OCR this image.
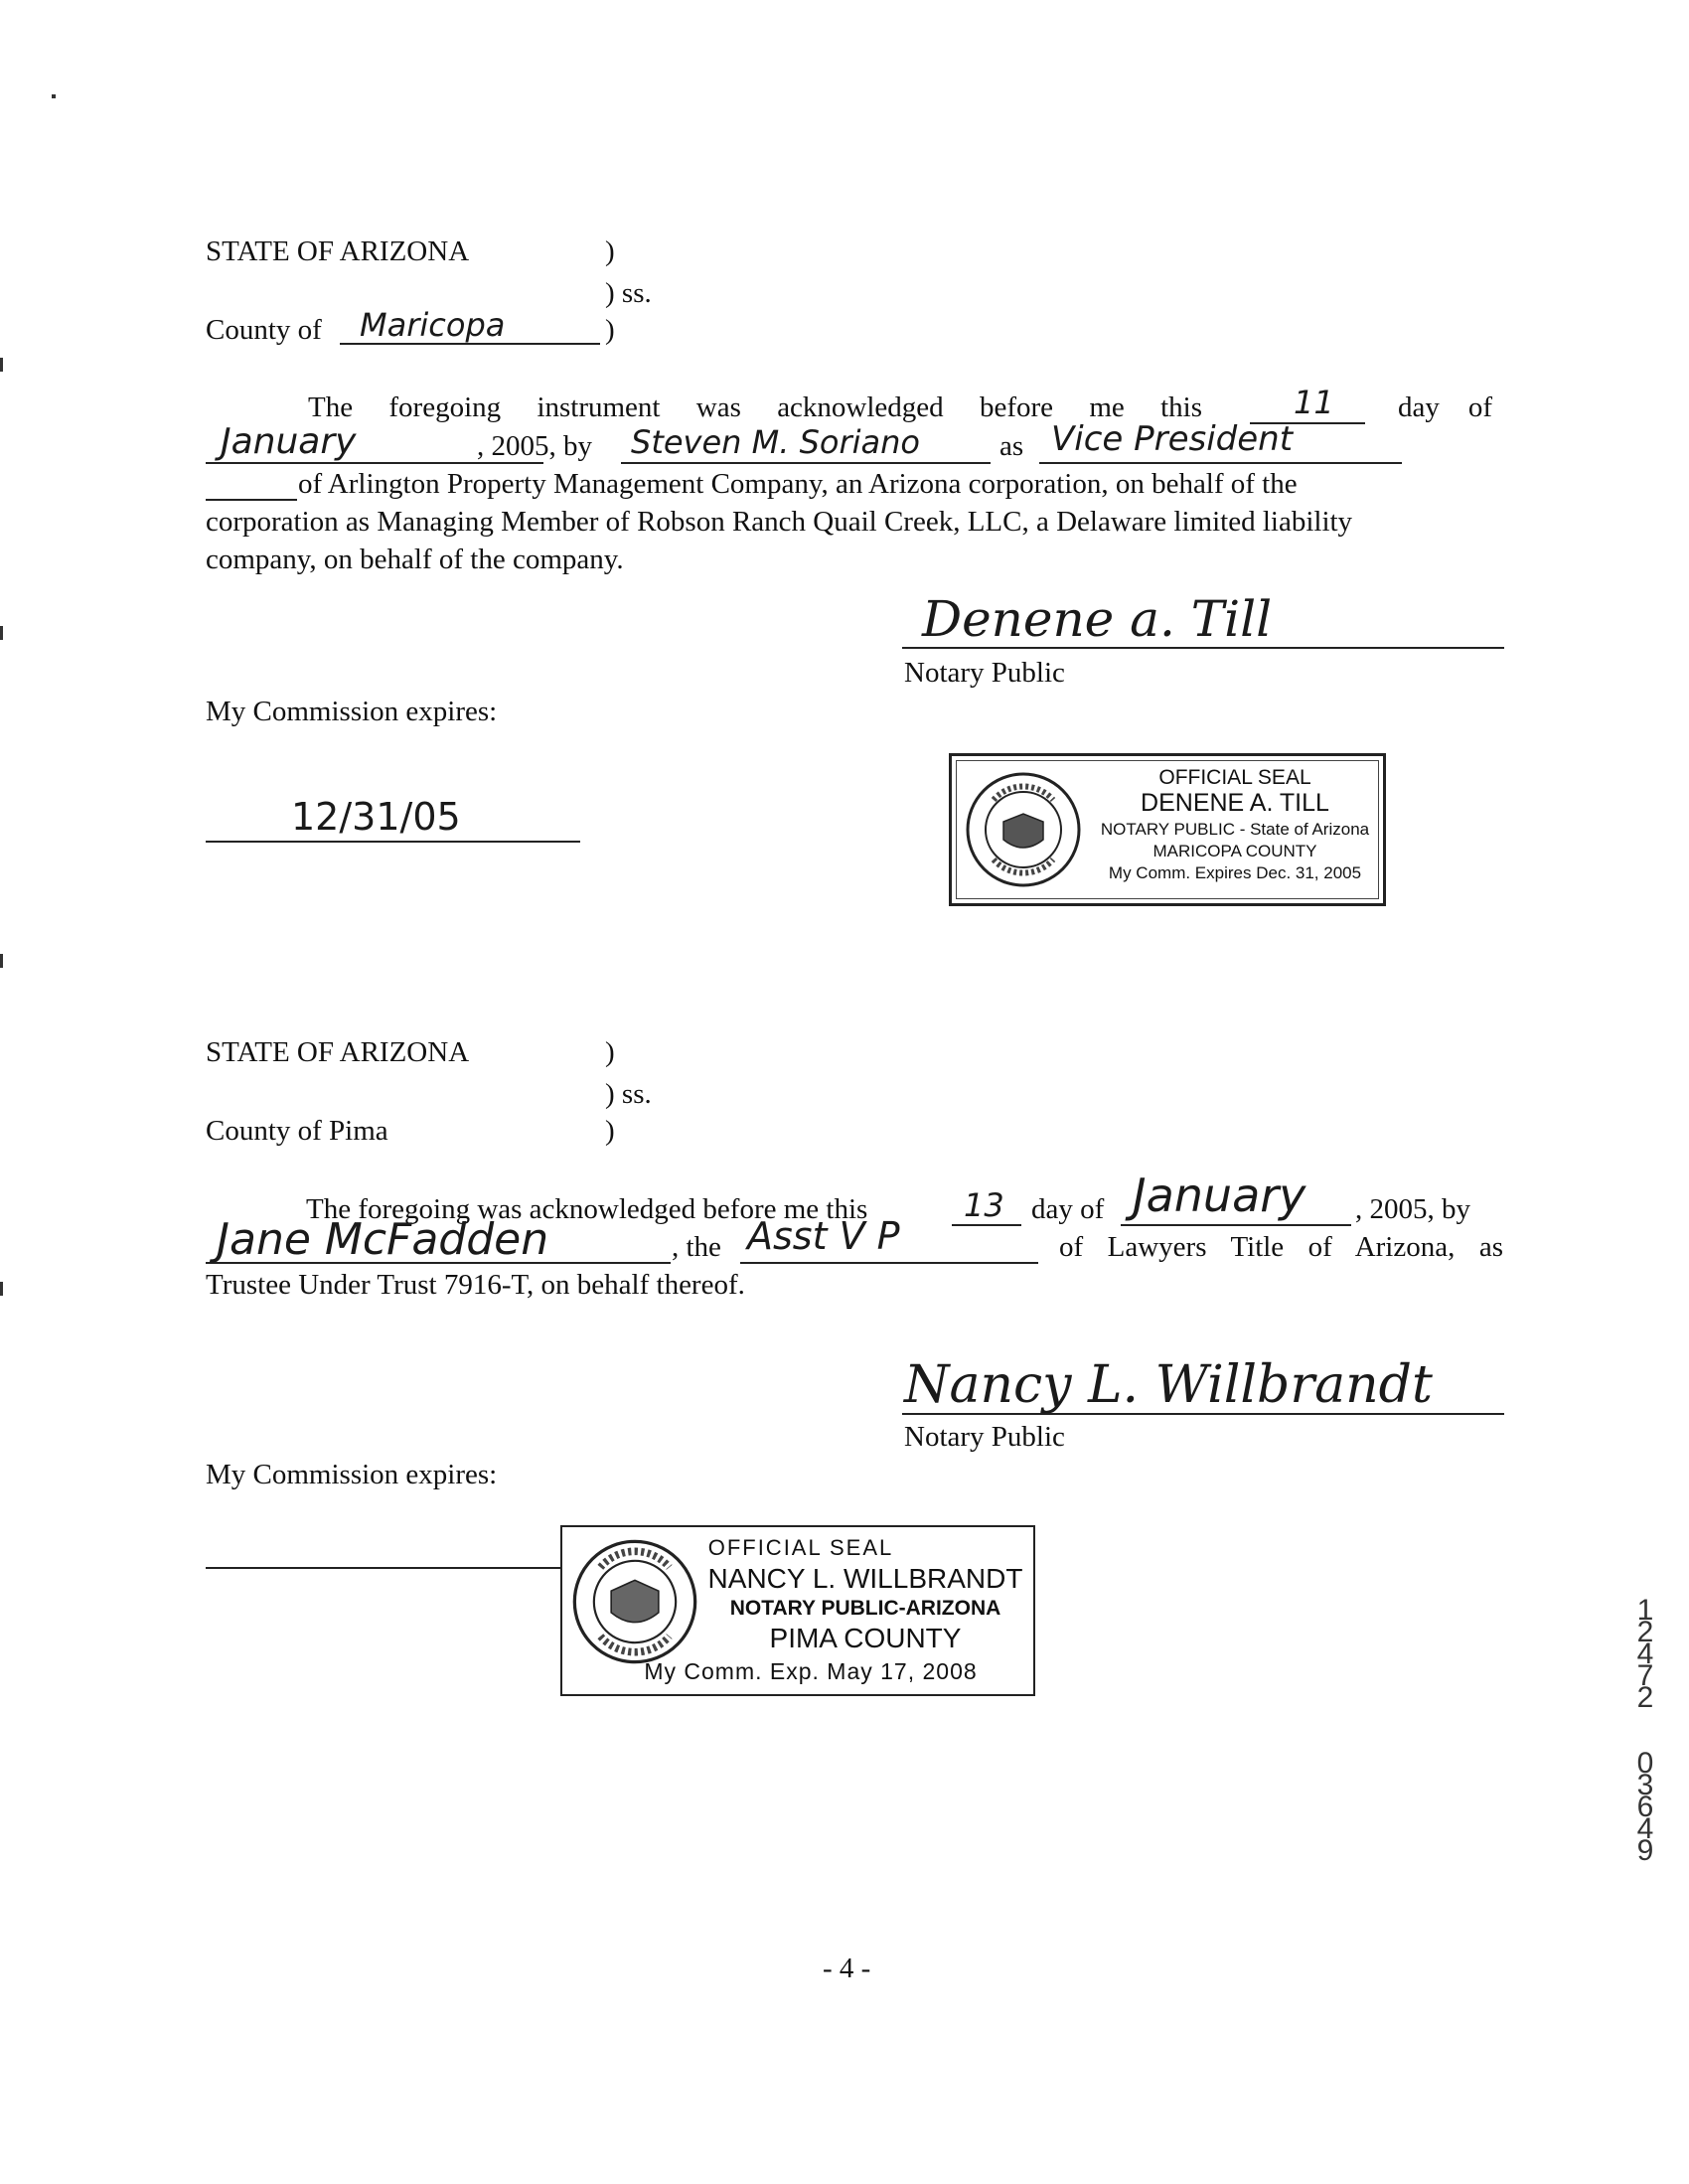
STATE OF ARIZONA	)
) ss.
County of Maricopa	)
The foregoing instrument was acknowledged before me this	11 day    of
January	, 2005, by Steven M. Soriano	as Vice President
of Arlington Property Management Company, an Arizona corporation, on behalf of the
corporation as Managing Member of Robson Ranch Quail Creek, LLC, a Delaware limited liability
company, on behalf of the company.
Denene a. Till
Notary Public
My Commission expires:
12/31/05
OFFICIAL SEAL
DENENE A. TILL
NOTARY PUBLIC - State of Arizona
MARICOPA COUNTY
My Comm. Expires Dec. 31, 2005
STATE OF ARIZONA	)
) ss.
County of Pima	)
The foregoing was acknowledged before me this	13 day of January , 2005, by
Jane McFadden	, the Asst V P	of Lawyers Title of Arizona, as
Trustee Under Trust 7916-T, on behalf thereof.
Nancy L. Willbrandt
Notary Public
My Commission expires:
OFFICIAL SEAL
NANCY L. WILLBRANDT
NOTARY PUBLIC-ARIZONA
PIMA COUNTY
My Comm. Exp. May 17, 2008
1
2
4
7
2

0
3
6
4
9
- 4 -
